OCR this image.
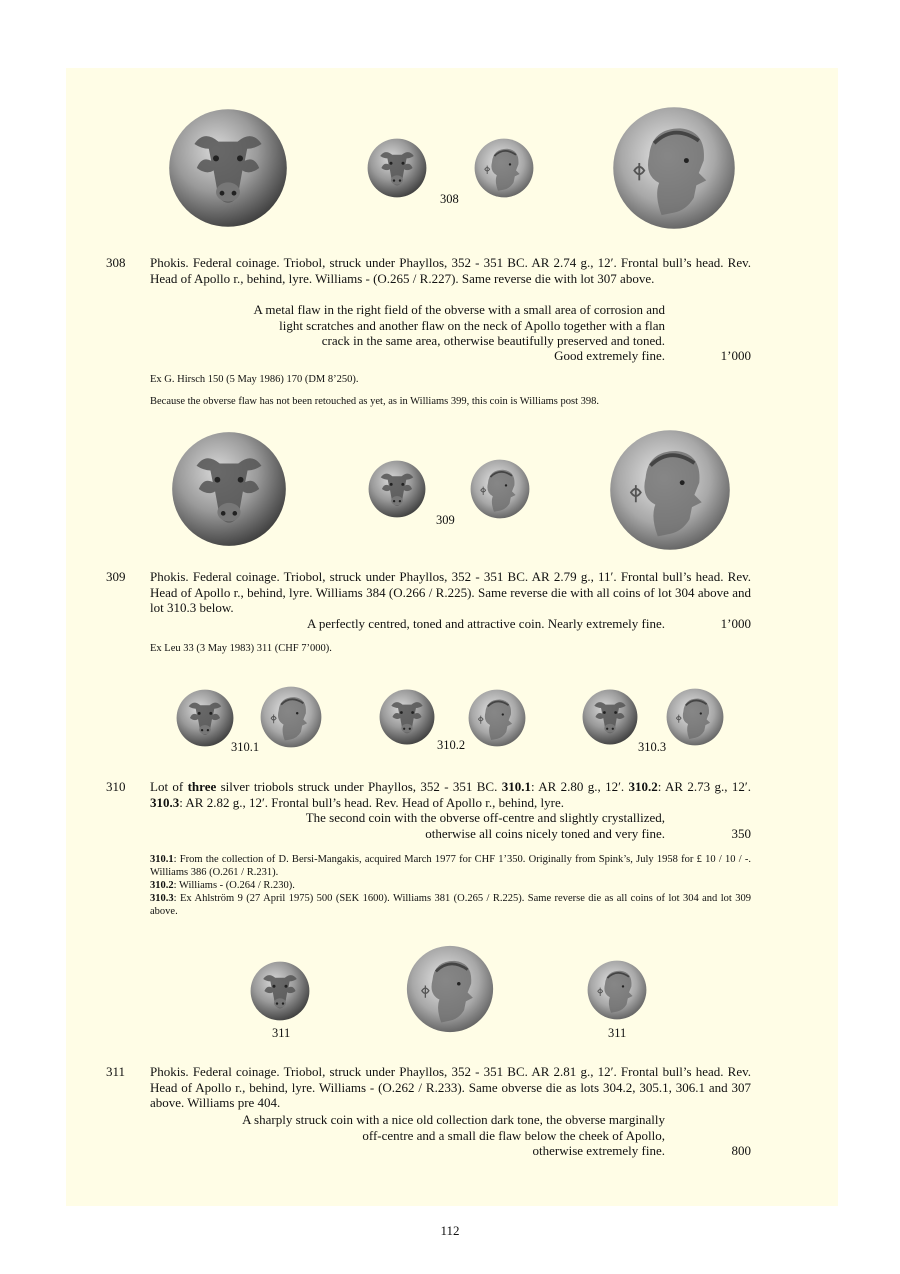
308
308 Phokis. Federal coinage. Triobol, struck under Phayllos, 352 - 351 BC. AR 2.74 g., 12′. Frontal bull’s head. Rev. Head of Apollo r., behind, lyre. Williams - (O.265 / R.227). Same reverse die with lot 307 above.
A metal flaw in the right field of the obverse with a small area of corrosion and
light scratches and another flaw on the neck of Apollo together with a flan
crack in the same area, otherwise beautifully preserved and toned.
Good extremely fine.	1’000
Ex G. Hirsch 150 (5 May 1986) 170 (DM 8’250).
Because the obverse flaw has not been retouched as yet, as in Williams 399, this coin is Williams post 398.
309
309 Phokis. Federal coinage. Triobol, struck under Phayllos, 352 - 351 BC. AR 2.79 g., 11′. Frontal bull’s head. Rev. Head of Apollo r., behind, lyre. Williams 384 (O.266 / R.225). Same reverse die with all coins of lot 304 above and lot 310.3 below.
A perfectly centred, toned and attractive coin. Nearly extremely fine.	1’000
Ex Leu 33 (3 May 1983) 311 (CHF 7’000).
310.1	310.2	310.3
310 Lot of three silver triobols struck under Phayllos, 352 - 351 BC. 310.1: AR 2.80 g., 12′. 310.2: AR 2.73 g., 12′. 310.3: AR 2.82 g., 12′. Frontal bull’s head. Rev. Head of Apollo r., behind, lyre.
The second coin with the obverse off-centre and slightly crystallized,
otherwise all coins nicely toned and very fine.	350
310.1: From the collection of D. Bersi-Mangakis, acquired March 1977 for CHF 1’350. Originally from Spink’s, July 1958 for £ 10 / 10 / -. Williams 386 (O.261 / R.231).
310.2: Williams - (O.264 / R.230).
310.3: Ex Ahlström 9 (27 April 1975) 500 (SEK 1600). Williams 381 (O.265 / R.225). Same reverse die as all coins of lot 304 and lot 309 above.
311	311
311 Phokis. Federal coinage. Triobol, struck under Phayllos, 352 - 351 BC. AR 2.81 g., 12′. Frontal bull’s head. Rev. Head of Apollo r., behind, lyre. Williams - (O.262 / R.233). Same obverse die as lots 304.2, 305.1, 306.1 and 307 above. Williams pre 404.
A sharply struck coin with a nice old collection dark tone, the obverse marginally
off-centre and a small die flaw below the cheek of Apollo,
otherwise extremely fine.	800
112
